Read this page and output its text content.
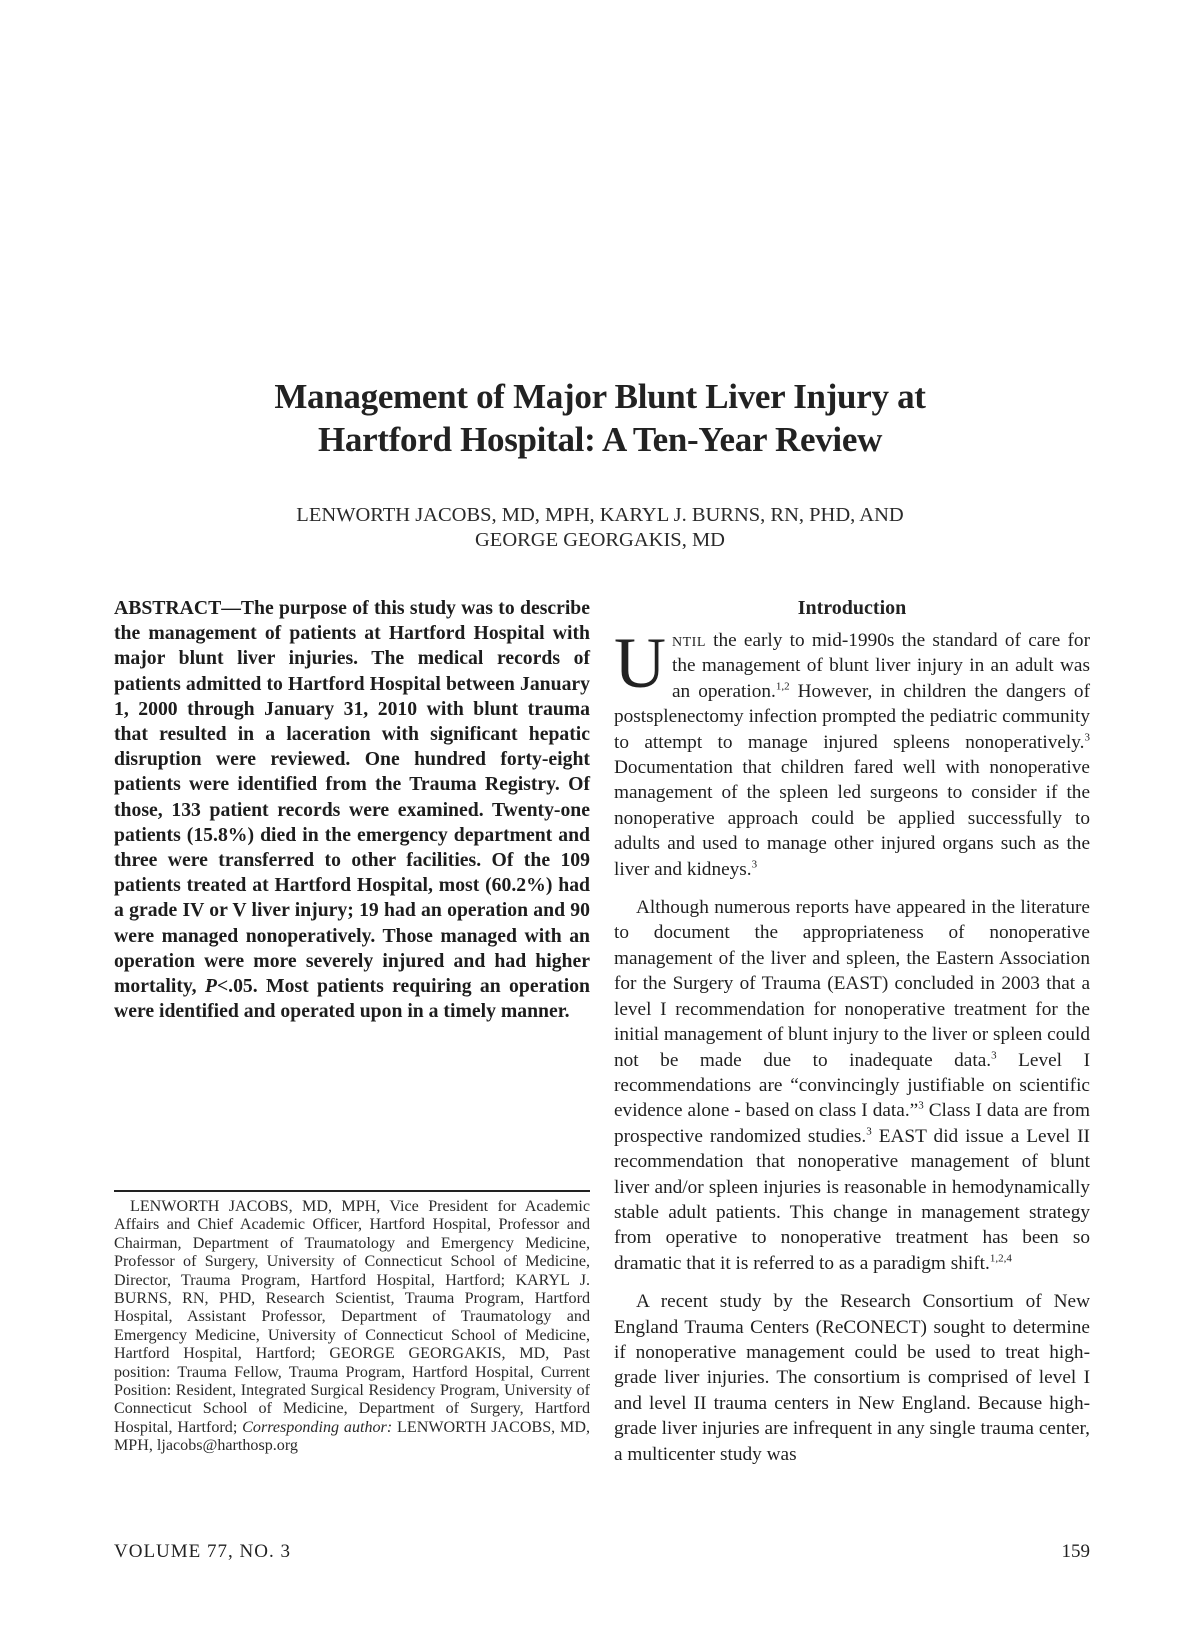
Management of Major Blunt Liver Injury at
Hartford Hospital: A Ten-Year Review
LENWORTH JACOBS, MD, MPH, KARYL J. BURNS, RN, PHD, AND
GEORGE GEORGAKIS, MD

ABSTRACT—The purpose of this study was to describe the management of patients at Hartford Hospital with major blunt liver injuries. The medical records of patients admitted to Hartford Hospital between January 1, 2000 through January 31, 2010 with blunt trauma that resulted in a laceration with significant hepatic disruption were reviewed. One hundred forty-eight patients were identified from the Trauma Registry. Of those, 133 patient records were examined. Twenty-one patients (15.8%) died in the emergency department and three were transferred to other facilities. Of the 109 patients treated at Hartford Hospital, most (60.2%) had a grade IV or V liver injury; 19 had an operation and 90 were managed nonoperatively. Those managed with an operation were more severely injured and had higher mortality, P<.05. Most patients requiring an operation were identified and operated upon in a timely manner.

LENWORTH JACOBS, MD, MPH, Vice President for Academic Affairs and Chief Academic Officer, Hartford Hospital, Professor and Chairman, Department of Traumatology and Emergency Medicine, Professor of Surgery, University of Connecticut School of Medicine, Director, Trauma Program, Hartford Hospital, Hartford; KARYL J. BURNS, RN, PHD, Research Scientist, Trauma Program, Hartford Hospital, Assistant Professor, Department of Traumatology and Emergency Medicine, University of Connecticut School of Medicine, Hartford Hospital, Hartford; GEORGE GEORGAKIS, MD, Past position: Trauma Fellow, Trauma Program, Hartford Hospital, Current Position: Resident, Integrated Surgical Residency Program, University of Connecticut School of Medicine, Department of Surgery, Hartford Hospital, Hartford; Corresponding author: LENWORTH JACOBS, MD, MPH, ljacobs@harthosp.org

Introduction

Until the early to mid-1990s the standard of care for the management of blunt liver injury in an adult was an operation.$^{1,2}$ However, in children the dangers of postsplenectomy infection prompted the pediatric community to attempt to manage injured spleens nonoperatively.$^3$ Documentation that children fared well with nonoperative management of the spleen led surgeons to consider if the nonoperative approach could be applied successfully to adults and used to manage other injured organs such as the liver and kidneys.$^3$

Although numerous reports have appeared in the literature to document the appropriateness of nonoperative management of the liver and spleen, the Eastern Association for the Surgery of Trauma (EAST) concluded in 2003 that a level I recommendation for nonoperative treatment for the initial management of blunt injury to the liver or spleen could not be made due to inadequate data.$^3$ Level I recommendations are “convincingly justifiable on scientific evidence alone - based on class I data.”$^3$ Class I data are from prospective randomized studies.$^3$ EAST did issue a Level II recommendation that nonoperative management of blunt liver and/or spleen injuries is reasonable in hemodynamically stable adult patients. This change in management strategy from operative to nonoperative treatment has been so dramatic that it is referred to as a paradigm shift.$^{1,2,4}$

A recent study by the Research Consortium of New England Trauma Centers (ReCONECT) sought to determine if nonoperative management could be used to treat high-grade liver injuries. The consortium is comprised of level I and level II trauma centers in New England. Because high-grade liver injuries are infrequent in any single trauma center, a multicenter study was

VOLUME 77, NO. 3	159
